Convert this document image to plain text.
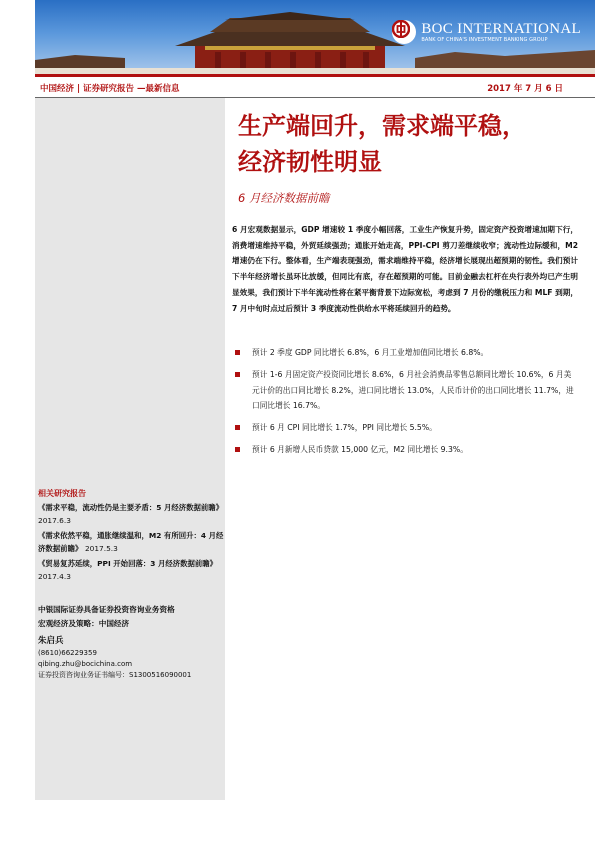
BOC INTERNATIONAL
BANK OF CHINA'S INVESTMENT BANKING GROUP
中国经济 | 证券研究报告 —最新信息	2017 年 7 月 6 日
生产端回升，需求端平稳，
经济韧性明显
6 月经济数据前瞻
6 月宏观数据显示，GDP 增速较 1 季度小幅回落，工业生产恢复升势，固定资产投资增速加期下行，消费增速维持平稳，外贸延续强劲；通胀开始走高，PPI-CPI 剪刀差继续收窄；流动性边际缓和，M2 增速仍在下行。整体看，生产端表现强劲，需求端维持平稳，经济增长展现出超预期的韧性。我们预计下半年经济增长虽环比放缓，但同比有底，存在超预期的可能。目前金融去杠杆在央行表外均已产生明显效果，我们预计下半年流动性将在紧平衡背景下边际宽松，考虑到 7 月份的缴税压力和 MLF 到期，7 月中旬时点过后预计 3 季度流动性供给水平将延续回升的趋势。
预计 2 季度 GDP 同比增长 6.8%，6 月工业增加值同比增长 6.8%。
预计 1-6 月固定资产投资同比增长 8.6%，6 月社会消费品零售总额同比增长 10.6%，6 月美元计价的出口同比增长 8.2%，进口同比增长 13.0%，人民币计价的出口同比增长 11.7%，进口同比增长 16.7%。
预计 6 月 CPI 同比增长 1.7%，PPI 同比增长 5.5%。
预计 6 月新增人民币贷款 15,000 亿元，M2 同比增长 9.3%。
相关研究报告
《需求平稳，流动性仍是主要矛盾：5 月经济数据前瞻》 2017.6.3
《需求依然平稳，通胀继续温和，M2 有所回升：4 月经济数据前瞻》 2017.5.3
《贸易复苏延续，PPI 开始回落：3 月经济数据前瞻》 2017.4.3
中银国际证券具备证券投资咨询业务资格
宏观经济及策略：中国经济
朱启兵
(8610)66229359
qibing.zhu@bocichina.com
证券投资咨询业务证书编号：S1300516090001
